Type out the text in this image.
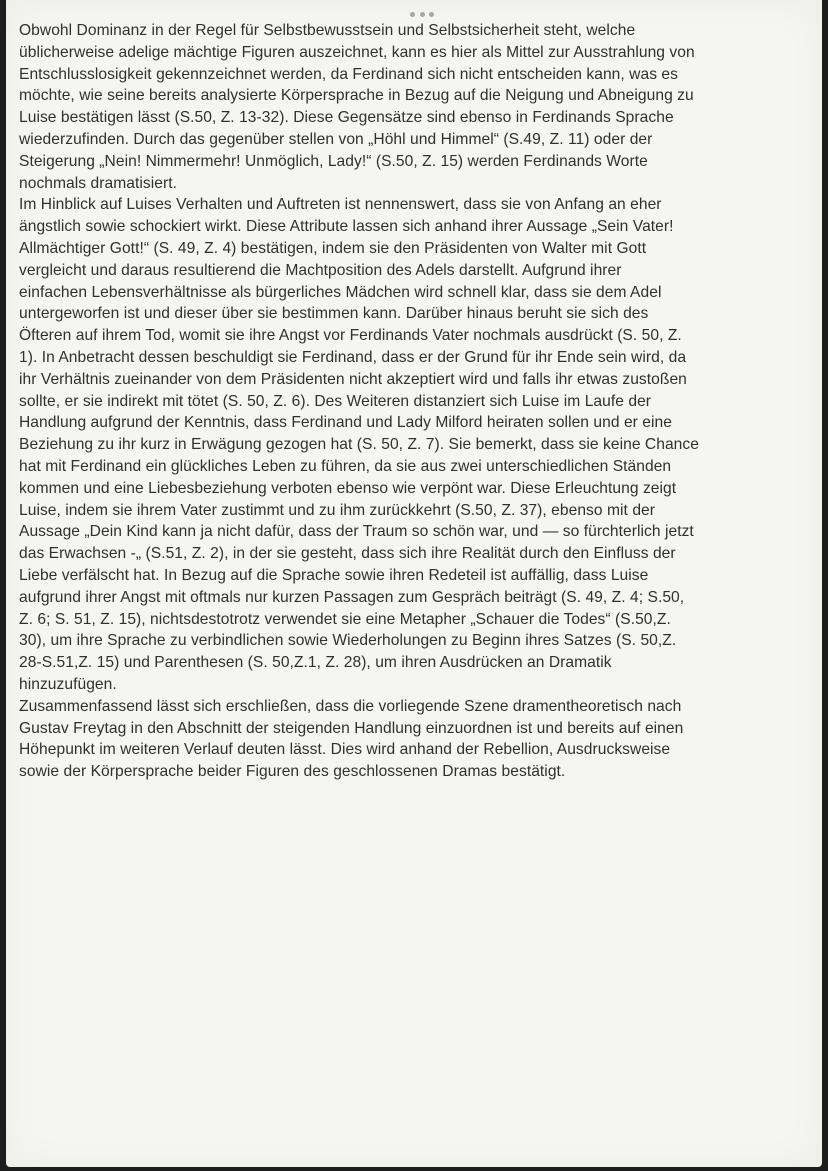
Obwohl Dominanz in der Regel für Selbstbewusstsein und Selbstsicherheit steht, welche
üblicherweise adelige mächtige Figuren auszeichnet, kann es hier als Mittel zur Ausstrahlung von
Entschlusslosigkeit gekennzeichnet werden, da Ferdinand sich nicht entscheiden kann, was es
möchte, wie seine bereits analysierte Körpersprache in Bezug auf die Neigung und Abneigung zu
Luise bestätigen lässt (S.50, Z. 13-32). Diese Gegensätze sind ebenso in Ferdinands Sprache
wiederzufinden. Durch das gegenüber stellen von „Höhl und Himmel“ (S.49, Z. 11) oder der
Steigerung „Nein! Nimmermehr! Unmöglich, Lady!“ (S.50, Z. 15) werden Ferdinands Worte
nochmals dramatisiert.
Im Hinblick auf Luises Verhalten und Auftreten ist nennenswert, dass sie von Anfang an eher
ängstlich sowie schockiert wirkt. Diese Attribute lassen sich anhand ihrer Aussage „Sein Vater!
Allmächtiger Gott!“ (S. 49, Z. 4) bestätigen, indem sie den Präsidenten von Walter mit Gott
vergleicht und daraus resultierend die Machtposition des Adels darstellt. Aufgrund ihrer
einfachen Lebensverhältnisse als bürgerliches Mädchen wird schnell klar, dass sie dem Adel
untergeworfen ist und dieser über sie bestimmen kann. Darüber hinaus beruht sie sich des
Öfteren auf ihrem Tod, womit sie ihre Angst vor Ferdinands Vater nochmals ausdrückt (S. 50, Z.
1). In Anbetracht dessen beschuldigt sie Ferdinand, dass er der Grund für ihr Ende sein wird, da
ihr Verhältnis zueinander von dem Präsidenten nicht akzeptiert wird und falls ihr etwas zustoßen
sollte, er sie indirekt mit tötet (S. 50, Z. 6). Des Weiteren distanziert sich Luise im Laufe der
Handlung aufgrund der Kenntnis, dass Ferdinand und Lady Milford heiraten sollen und er eine
Beziehung zu ihr kurz in Erwägung gezogen hat (S. 50, Z. 7). Sie bemerkt, dass sie keine Chance
hat mit Ferdinand ein glückliches Leben zu führen, da sie aus zwei unterschiedlichen Ständen
kommen und eine Liebesbeziehung verboten ebenso wie verpönt war. Diese Erleuchtung zeigt
Luise, indem sie ihrem Vater zustimmt und zu ihm zurückkehrt (S.50, Z. 37), ebenso mit der
Aussage „Dein Kind kann ja nicht dafür, dass der Traum so schön war, und — so fürchterlich jetzt
das Erwachsen -„ (S.51, Z. 2), in der sie gesteht, dass sich ihre Realität durch den Einfluss der
Liebe verfälscht hat. In Bezug auf die Sprache sowie ihren Redeteil ist auffällig, dass Luise
aufgrund ihrer Angst mit oftmals nur kurzen Passagen zum Gespräch beiträgt (S. 49, Z. 4; S.50,
Z. 6; S. 51, Z. 15), nichtsdestotrotz verwendet sie eine Metapher „Schauer die Todes“ (S.50,Z.
30), um ihre Sprache zu verbindlichen sowie Wiederholungen zu Beginn ihres Satzes (S. 50,Z.
28-S.51,Z. 15) und Parenthesen (S. 50,Z.1, Z. 28), um ihren Ausdrücken an Dramatik
hinzuzufügen.
Zusammenfassend lässt sich erschließen, dass die vorliegende Szene dramentheoretisch nach
Gustav Freytag in den Abschnitt der steigenden Handlung einzuordnen ist und bereits auf einen
Höhepunkt im weiteren Verlauf deuten lässt. Dies wird anhand der Rebellion, Ausdrucksweise
sowie der Körpersprache beider Figuren des geschlossenen Dramas bestätigt.
